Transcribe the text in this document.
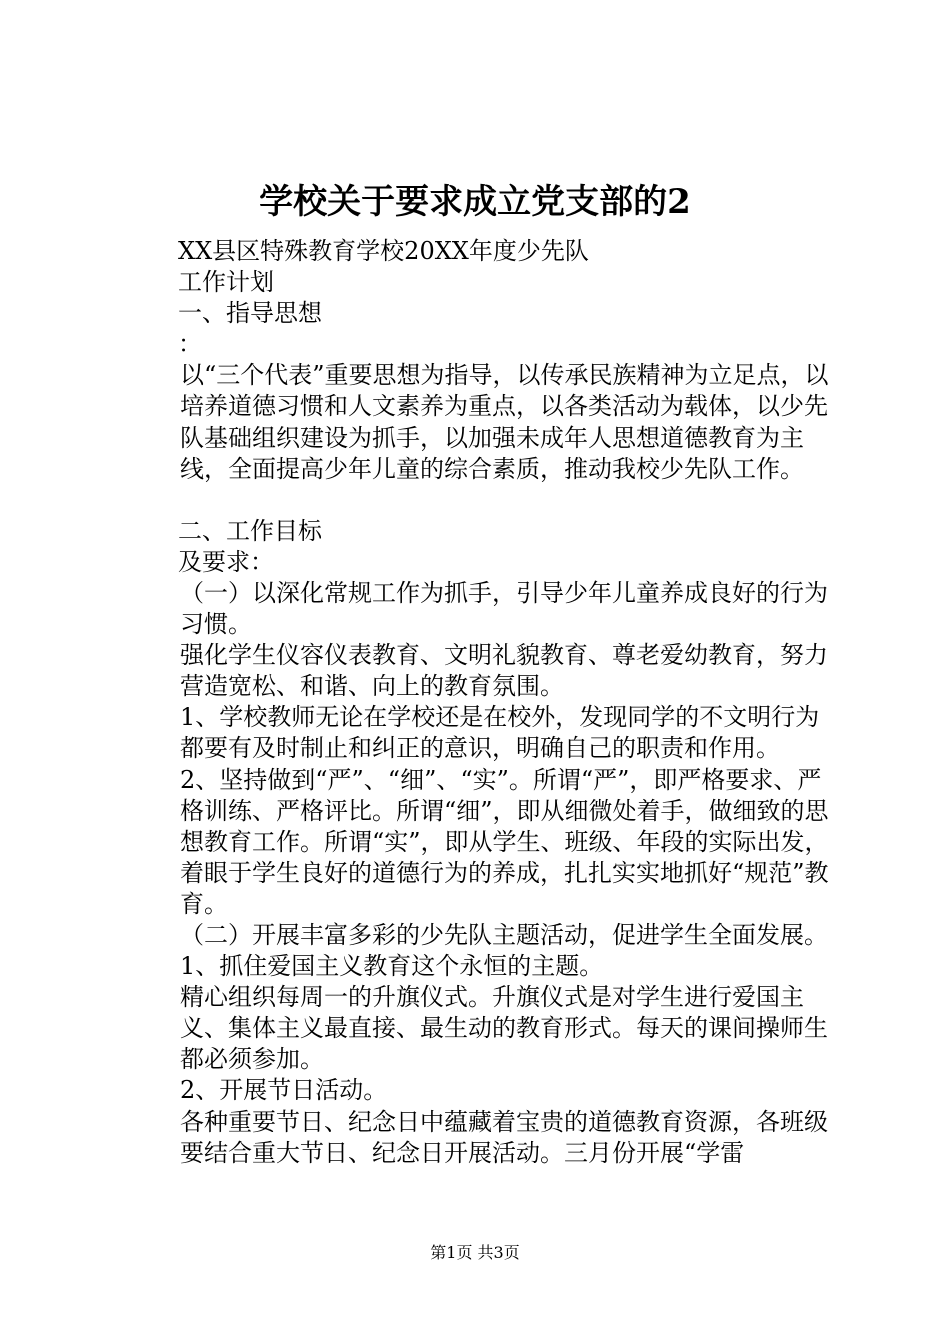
学校关于要求成立党支部的2

XX县区特殊教育学校20XX年度少先队

工作计划

一、指导思想

：

以“三个代表”重要思想为指导，以传承民族精神为立足点，以培养道德习惯和人文素养为重点，以各类活动为载体，以少先队基础组织建设为抓手，以加强未成年人思想道德教育为主线，全面提高少年儿童的综合素质，推动我校少先队工作。

二、工作目标

及要求：

（一）以深化常规工作为抓手，引导少年儿童养成良好的行为习惯。

强化学生仪容仪表教育、文明礼貌教育、尊老爱幼教育，努力营造宽松、和谐、向上的教育氛围。

1、学校教师无论在学校还是在校外，发现同学的不文明行为都要有及时制止和纠正的意识，明确自己的职责和作用。

2、坚持做到“严”、“细”、“实”。所谓“严”，即严格要求、严格训练、严格评比。所谓“细”，即从细微处着手，做细致的思想教育工作。所谓“实”，即从学生、班级、年段的实际出发，着眼于学生良好的道德行为的养成，扎扎实实地抓好“规范”教育。

（二）开展丰富多彩的少先队主题活动，促进学生全面发展。

1、抓住爱国主义教育这个永恒的主题。

精心组织每周一的升旗仪式。升旗仪式是对学生进行爱国主义、集体主义最直接、最生动的教育形式。每天的课间操师生都必须参加。

2、开展节日活动。

各种重要节日、纪念日中蕴藏着宝贵的道德教育资源，各班级要结合重大节日、纪念日开展活动。三月份开展“学雷

第1页 共3页
